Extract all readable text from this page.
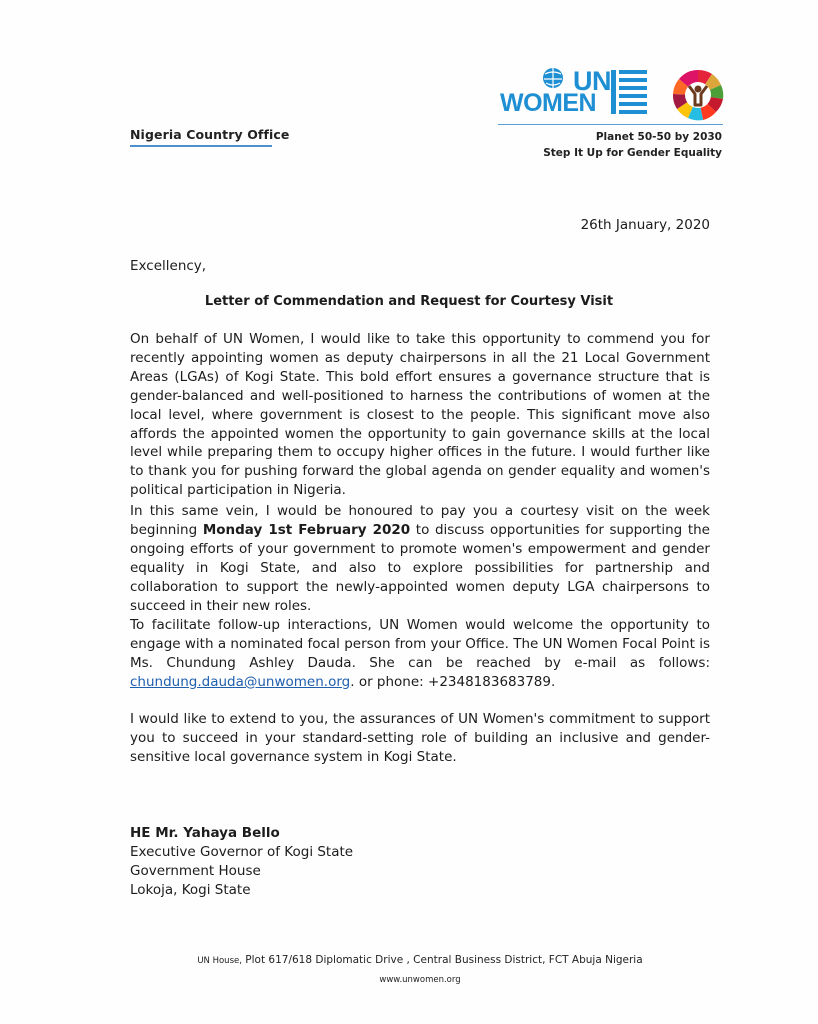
Nigeria Country Office
UN
WOMEN
Planet 50-50 by 2030
Step It Up for Gender Equality
26th January, 2020
Excellency,
Letter of Commendation and Request for Courtesy Visit

On behalf of UN Women, I would like to take this opportunity to commend you for recently appointing women as deputy chairpersons in all the 21 Local Government Areas (LGAs) of Kogi State. This bold effort ensures a governance structure that is gender-balanced and well-positioned to harness the contributions of women at the local level, where government is closest to the people. This significant move also affords the appointed women the opportunity to gain governance skills at the local level while preparing them to occupy higher offices in the future. I would further like to thank you for pushing forward the global agenda on gender equality and women's political participation in Nigeria.

In this same vein, I would be honoured to pay you a courtesy visit on the week beginning Monday 1st February 2020 to discuss opportunities for supporting the ongoing efforts of your government to promote women's empowerment and gender equality in Kogi State, and also to explore possibilities for partnership and collaboration to support the newly-appointed women deputy LGA chairpersons to succeed in their new roles.

To facilitate follow-up interactions, UN Women would welcome the opportunity to engage with a nominated focal person from your Office. The UN Women Focal Point is Ms. Chundung Ashley Dauda. She can be reached by e-mail as follows: chundung.dauda@unwomen.org. or phone: +2348183683789.

I would like to extend to you, the assurances of UN Women's commitment to support you to succeed in your standard-setting role of building an inclusive and gender-sensitive local governance system in Kogi State.

HE Mr. Yahaya Bello
Executive Governor of Kogi State
Government House
Lokoja, Kogi State
UN House, Plot 617/618 Diplomatic Drive , Central Business District, FCT Abuja Nigeria
www.unwomen.org
